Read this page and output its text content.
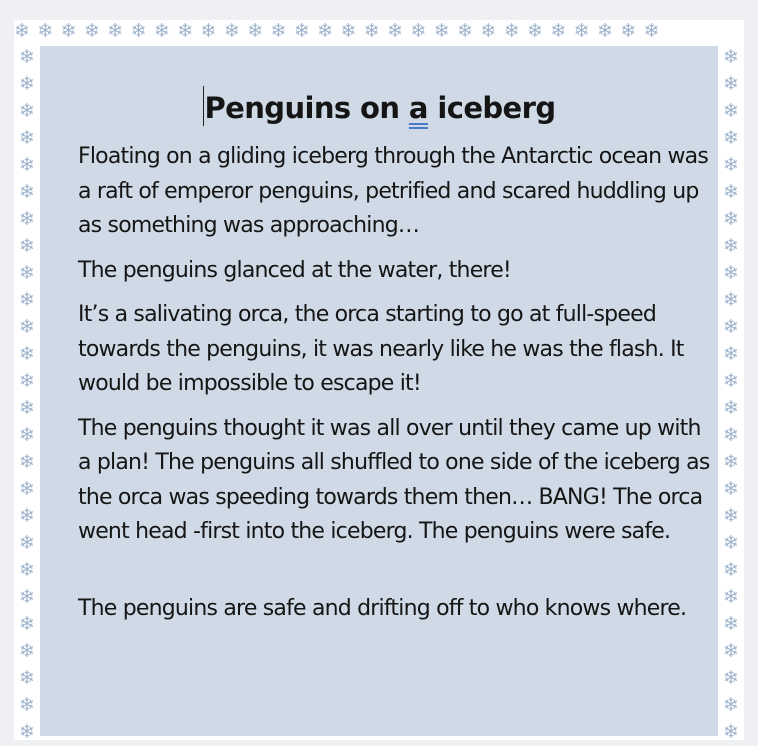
❄❄❄❄❄❄❄❄❄❄❄❄❄❄❄❄❄❄❄❄❄❄❄❄❄❄❄❄
❄
❄
❄
❄
❄
❄
❄
❄
❄
❄
❄
❄
❄
❄
❄
❄
❄
❄
❄
❄
❄
❄
❄
❄
❄
❄
❄
❄
❄
❄
❄
❄
❄
❄
❄
❄
❄
❄
❄
❄
❄
❄
❄
❄
❄
❄
❄
❄
❄
❄
❄
❄
Penguins on a iceberg

Floating on a gliding iceberg through the Antarctic ocean was a raft of emperor penguins, petrified and scared huddling up as something was approaching…

The penguins glanced at the water, there!

It’s a salivating orca, the orca starting to go at full-speed towards the penguins, it was nearly like he was the flash. It would be impossible to escape it!

The penguins thought it was all over until they came up with a plan! The penguins all shuffled to one side of the iceberg as the orca was speeding towards them then… BANG! The orca went head -first into the iceberg. The penguins were safe.

The penguins are safe and drifting off to who knows where.
